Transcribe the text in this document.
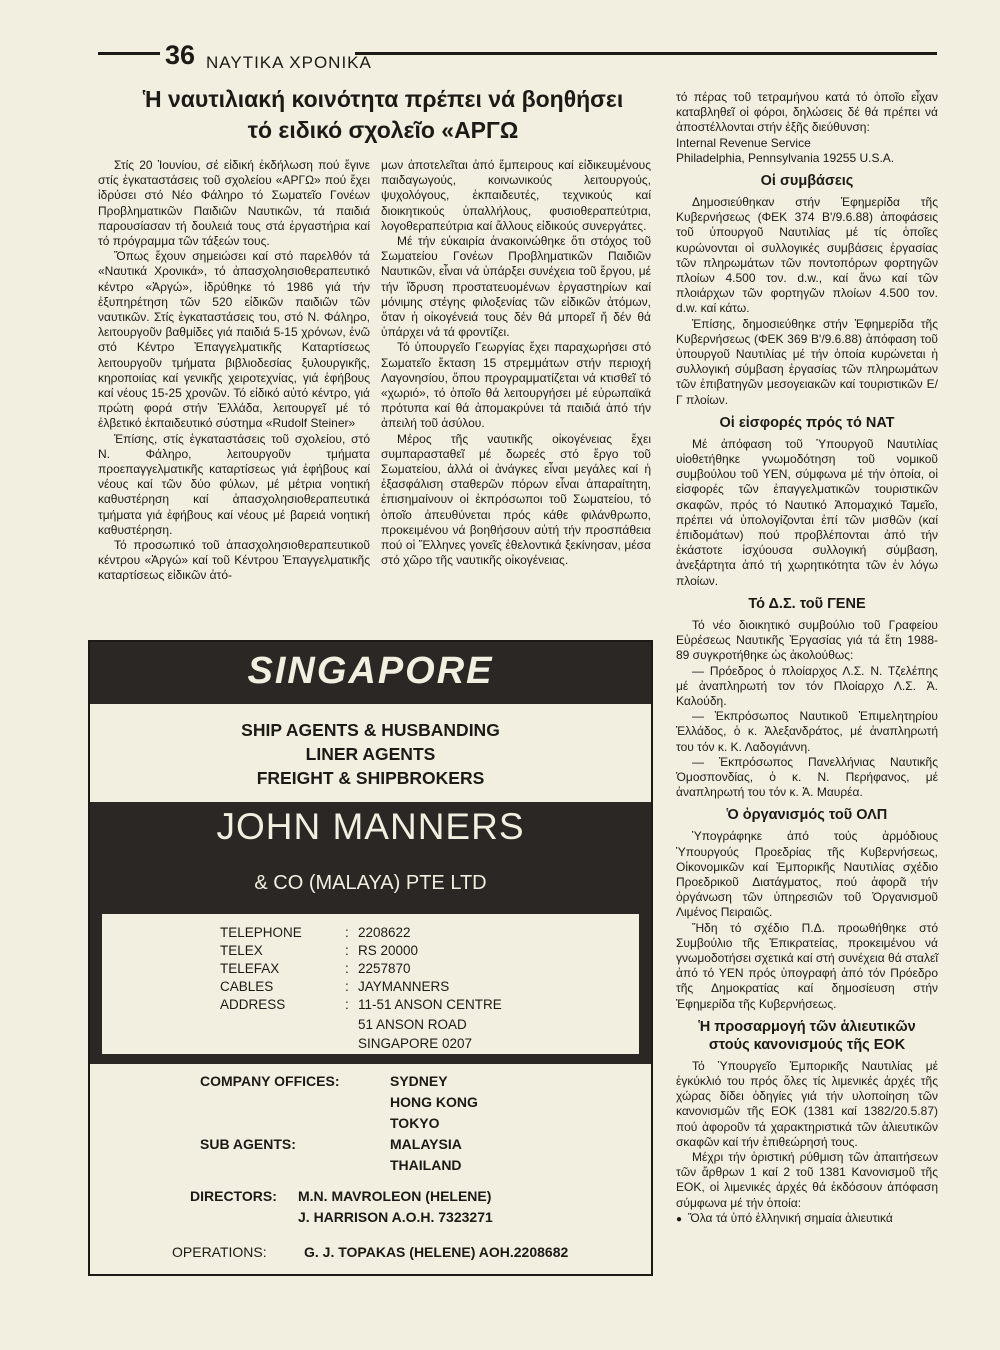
36 ΝΑΥΤΙΚΑ ΧΡΟΝΙΚΑ
Ἡ ναυτιλιακή κοινότητα πρέπει νά βοηθήσει
τό ειδικό σχολεῖο «ΑΡΓΩ

Στίς 20 Ἰουνίου, σέ εἰδική ἐκδήλωση πού ἔγινε στίς ἐγκαταστάσεις τοῦ σχολείου «ΑΡΓΩ» πού ἔχει ἱδρύσει στό Νέο Φάληρο τό Σωματεῖο Γονέων Προβληματικῶν Παιδιῶν Ναυτικῶν, τά παιδιά παρουσίασαν τή δουλειά τους στά ἐργαστήρια καί τό πρόγραμμα τῶν τάξεών τους.

Ὅπως ἔχουν σημειώσει καί στό παρελθόν τά «Ναυτικά Χρονικά», τό ἀπασχολησιοθεραπευτικό κέντρο «Ἀργώ», ἱδρύθηκε τό 1986 γιά τήν ἐξυπηρέτηση τῶν 520 εἰδικῶν παιδιῶν τῶν ναυτικῶν. Στίς ἐγκαταστάσεις του, στό Ν. Φάληρο, λειτουργοῦν βαθμίδες γιά παιδιά 5-15 χρόνων, ἐνῶ στό Κέντρο Ἐπαγγελματικῆς Καταρτίσεως λειτουργοῦν τμήματα βιβλιοδεσίας ξυλουργικῆς, κηροποιίας καί γενικῆς χειροτεχνίας, γιά ἐφήβους καί νέους 15-25 χρονῶν. Τό εἰδικό αὐτό κέντρο, γιά πρώτη φορά στήν Ἑλλάδα, λειτουργεῖ μέ τό ἐλβετικό ἐκπαιδευτικό σύστημα «Rudolf Steiner»

Ἐπίσης, στίς ἐγκαταστάσεις τοῦ σχολείου, στό Ν. Φάληρο, λειτουργοῦν τμήματα προεπαγγελματικῆς καταρτίσεως γιά ἐφήβους καί νέους καί τῶν δύο φύλων, μέ μέτρια νοητική καθυστέρηση καί ἀπασχολησιοθεραπευτικά τμήματα γιά ἐφήβους καί νέους μέ βαρειά νοητική καθυστέρηση.

Τό προσωπικό τοῦ ἀπασχολησιοθεραπευτικοῦ κέντρου «Ἀργώ» καί τοῦ Κέντρου Ἐπαγγελματικῆς καταρτίσεως εἰδικῶν ἀτό-

μων ἀποτελεῖται ἀπό ἔμπειρους καί εἰδικευμένους παιδαγωγούς, κοινωνικούς λειτουργούς, ψυχολόγους, ἐκπαιδευτές, τεχνικούς καί διοικητικούς ὑπαλλήλους, φυσιοθεραπεύτρια, λογοθεραπεύτρια καί ἄλλους εἰδικούς συνεργάτες.

Μέ τήν εὐκαιρία ἀνακοινώθηκε ὅτι στόχος τοῦ Σωματείου Γονέων Προβληματικῶν Παιδιῶν Ναυτικῶν, εἶναι νά ὑπάρξει συνέχεια τοῦ ἔργου, μέ τήν ἵδρυση προστατευομένων ἐργαστηρίων καί μόνιμης στέγης φιλοξενίας τῶν εἰδικῶν ἀτόμων, ὅταν ἡ οἰκογένειά τους δέν θά μπορεῖ ἤ δέν θά ὑπάρχει νά τά φροντίζει.

Τό ὑπουργεῖο Γεωργίας ἔχει παραχωρήσει στό Σωματεῖο ἔκταση 15 στρεμμάτων στήν περιοχή Λαγονησίου, ὅπου προγραμματίζεται νά κτισθεῖ τό «χωριό», τό ὁποῖο θά λειτουργήσει μέ εὐρωπαϊκά πρότυπα καί θά ἀπομακρύνει τά παιδιά ἀπό τήν ἀπειλή τοῦ ἀσύλου.

Μέρος τῆς ναυτικῆς οἰκογένειας ἔχει συμπαρασταθεῖ μέ δωρεές στό ἔργο τοῦ Σωματείου, ἀλλά οἱ ἀνάγκες εἶναι μεγάλες καί ἡ ἐξασφάλιση σταθερῶν πόρων εἶναι ἀπαραίτητη, ἐπισημαίνουν οἱ ἐκπρόσωποι τοῦ Σωματείου, τό ὁποῖο ἀπευθύνεται πρός κάθε φιλάνθρωπο, προκειμένου νά βοηθήσουν αὐτή τήν προσπάθεια πού οἱ Ἕλληνες γονεῖς ἐθελοντικά ξεκίνησαν, μέσα στό χῶρο τῆς ναυτικῆς οἰκογένειας.

τό πέρας τοῦ τετραμήνου κατά τό ὁποῖο εἶχαν καταβληθεῖ οἱ φόροι, δηλώσεις δέ θά πρέπει νά ἀποστέλλονται στήν ἑξῆς διεύθυνση:

Internal Revenue Service

Philadelphia, Pennsylvania 19255 U.S.A.

Οἱ συμβάσεις

Δημοσιεύθηκαν στήν Ἐφημερίδα τῆς Κυβερνήσεως (ΦΕΚ 374 Β'/9.6.88) ἀποφάσεις τοῦ ὑπουργοῦ Ναυτιλίας μέ τίς ὁποῖες κυρώνονται οἱ συλλογικές συμβάσεις ἐργασίας τῶν πληρωμάτων τῶν ποντοπόρων φορτηγῶν πλοίων 4.500 τον. d.w., καί ἄνω καί τῶν πλοιάρχων τῶν φορτηγῶν πλοίων 4.500 τον. d.w. καί κάτω.

Ἐπίσης, δημοσιεύθηκε στήν Ἐφημερίδα τῆς Κυβερνήσεως (ΦΕΚ 369 Β'/9.6.88) ἀπόφαση τοῦ ὑπουργοῦ Ναυτιλίας μέ τήν ὁποία κυρώνεται ἡ συλλογική σύμβαση ἐργασίας τῶν πληρωμάτων τῶν ἐπιβατηγῶν μεσογειακῶν καί τουριστικῶν Ε/Γ πλοίων.

Οἱ εἰσφορές πρός τό ΝΑΤ

Μέ ἀπόφαση τοῦ Ὑπουργοῦ Ναυτιλίας υἱοθετήθηκε γνωμοδότηση τοῦ νομικοῦ συμβούλου τοῦ ΥΕΝ, σύμφωνα μέ τήν ὁποία, οἱ εἰσφορές τῶν ἐπαγγελματικῶν τουριστικῶν σκαφῶν, πρός τό Ναυτικό Ἀπομαχικό Ταμεῖο, πρέπει νά ὑπολογίζονται ἐπί τῶν μισθῶν (καί ἐπιδομάτων) πού προβλέπονται ἀπό τήν ἑκάστοτε ἰσχύουσα συλλογική σύμβαση, ἀνεξάρτητα ἀπό τή χωρητικότητα τῶν ἐν λόγω πλοίων.

Τό Δ.Σ. τοῦ ΓΕΝΕ

Τό νέο διοικητικό συμβούλιο τοῦ Γραφείου Εὑρέσεως Ναυτικῆς Ἐργασίας γιά τά ἔτη 1988-89 συγκροτήθηκε ὡς ἀκολούθως:

— Πρόεδρος ὁ πλοίαρχος Λ.Σ. Ν. Τζελέπης μέ ἀναπληρωτή τον τόν Πλοίαρχο Λ.Σ. Ἀ. Καλούδη.

— Ἐκπρόσωπος Ναυτικοῦ Ἐπιμελητηρίου Ἑλλάδος, ὁ κ. Ἀλεξανδράτος, μέ ἀναπληρωτή του τόν κ. Κ. Λαδογιάννη.

— Ἐκπρόσωπος Πανελλήνιας Ναυτικῆς Ὁμοσπονδίας, ὁ κ. Ν. Περήφανος, μέ ἀναπληρωτή του τόν κ. Ἀ. Μαυρέα.

Ὁ ὀργανισμός τοῦ ΟΛΠ

Ὑπογράφηκε ἀπό τούς ἁρμόδιους Ὑπουργούς Προεδρίας τῆς Κυβερνήσεως, Οἰκονομικῶν καί Ἐμπορικῆς Ναυτιλίας σχέδιο Προεδρικοῦ Διατάγματος, πού ἀφορᾶ τήν ὀργάνωση τῶν ὑπηρεσιῶν τοῦ Ὀργανισμοῦ Λιμένος Πειραιῶς.

Ἤδη τό σχέδιο Π.Δ. προωθήθηκε στό Συμβούλιο τῆς Ἐπικρατείας, προκειμένου νά γνωμοδοτήσει σχετικά καί στή συνέχεια θά σταλεῖ ἀπό τό ΥΕΝ πρός ὑπογραφή ἀπό τόν Πρόεδρο τῆς Δημοκρατίας καί δημοσίευση στήν Ἐφημερίδα τῆς Κυβερνήσεως.

Ἡ προσαρμογή τῶν ἁλιευτικῶν
στούς κανονισμούς τῆς ΕΟΚ

Τό Ὑπουργεῖο Ἐμπορικῆς Ναυτιλίας μέ ἐγκύκλιό του πρός ὅλες τίς λιμενικές ἀρχές τῆς χώρας δίδει ὁδηγίες γιά τήν υλοποίηση τῶν κανονισμῶν τῆς ΕΟΚ (1381 καί 1382/20.5.87) πού ἀφοροῦν τά χαρακτηριστικά τῶν ἁλιευτικῶν σκαφῶν καί τήν ἐπιθεώρησή τους.

Μέχρι τήν ὁριστική ρύθμιση τῶν ἀπαιτήσεων τῶν ἄρθρων 1 καί 2 τοῦ 1381 Κανονισμοῦ τῆς ΕΟΚ, οἱ λιμενικές ἀρχές θά ἐκδόσουν ἀπόφαση σύμφωνα μέ τήν ὁποία:

● Ὅλα τά ὑπό ἑλληνική σημαία ἁλιευτικά

SINGAPORE
SHIP AGENTS & HUSBANDING
LINER AGENTS
FREIGHT & SHIPBROKERS
JOHN MANNERS
& CO (MALAYA) PTE LTD
TELEPHONE	: 2208622
TELEX	: RS 20000
TELEFAX	: 2257870
CABLES	: JAYMANNERS
ADDRESS	: 11-51 ANSON CENTRE
51 ANSON ROAD
SINGAPORE 0207
COMPANY OFFICES:	SYDNEY
HONG KONG
TOKYO
SUB AGENTS:	MALAYSIA
THAILAND
DIRECTORS: M.N. MAVROLEON (HELENE)
J. HARRISON A.O.H. 7323271
OPERATIONS:	G. J. TOPAKAS (HELENE) AOH.2208682
